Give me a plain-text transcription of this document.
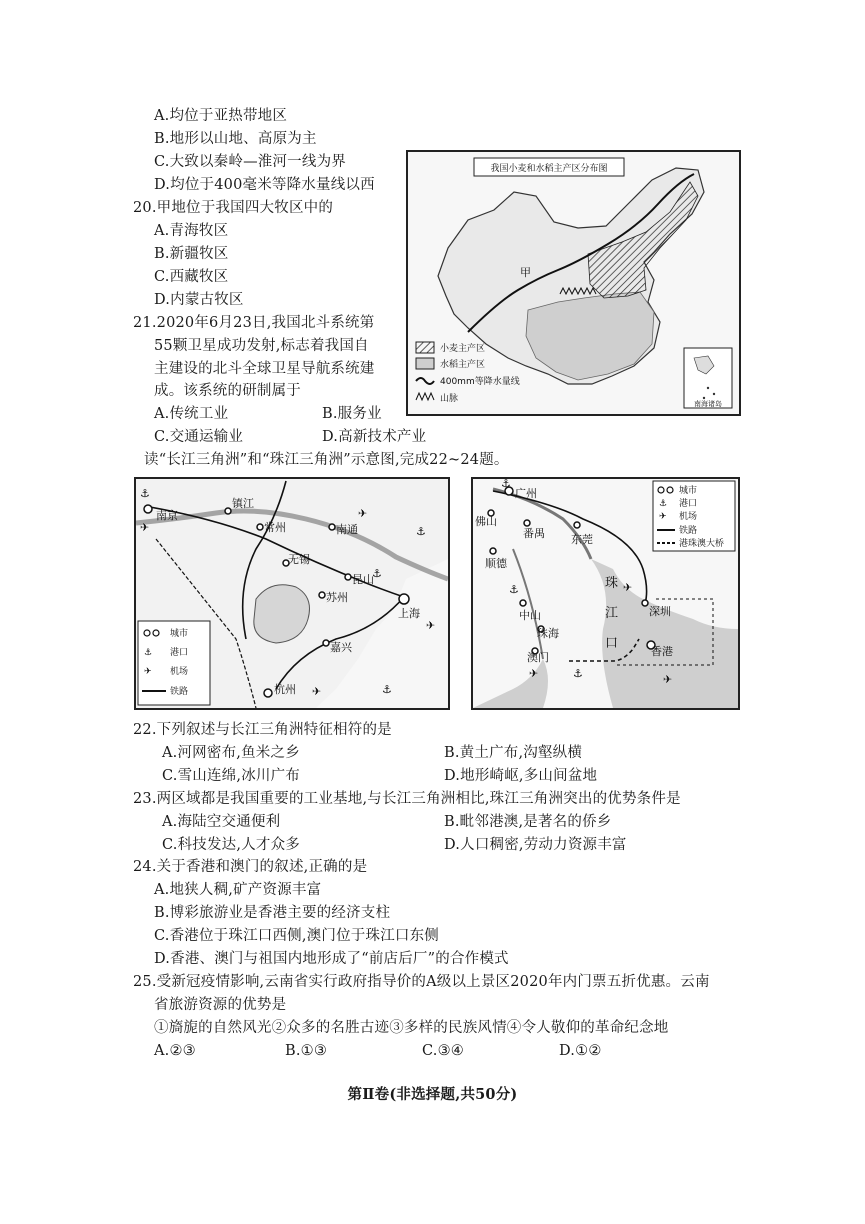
A.均位于亚热带地区
B.地形以山地、高原为主
C.大致以秦岭—淮河一线为界
D.均位于400毫米等降水量线以西
20.甲地位于我国四大牧区中的
A.青海牧区
B.新疆牧区
C.西藏牧区
D.内蒙古牧区
21.2020年6月23日,我国北斗系统第
55颗卫星成功发射,标志着我国自
主建设的北斗全球卫星导航系统建
成。该系统的研制属于
A.传统工业	B.服务业
C.交通运输业	D.高新技术产业
我国小麦和水稻主产区分布图
甲
小麦主产区
水稻主产区
400mm等降水量线
山脉	南海诸岛
读“长江三角洲”和“珠江三角洲”示意图,完成22~24题。
南京
镇江
常州	南通
无锡
昆山
苏州
上海
嘉兴
杭州
✈
✈
✈
✈
⚓
⚓
⚓
⚓
城市
⚓ 港口
✈ 机场
铁路
广州
佛山
番禺 东莞
顺德
中山
珠海
澳门
深圳
香港
珠
江
口
⚓
⚓
⚓
✈
✈
✈
城市
⚓ 港口
✈ 机场
铁路
港珠澳大桥
22.下列叙述与长江三角洲特征相符的是
A.河网密布,鱼米之乡	B.黄土广布,沟壑纵横
C.雪山连绵,冰川广布	D.地形崎岖,多山间盆地
23.两区域都是我国重要的工业基地,与长江三角洲相比,珠江三角洲突出的优势条件是
A.海陆空交通便利	B.毗邻港澳,是著名的侨乡
C.科技发达,人才众多	D.人口稠密,劳动力资源丰富
24.关于香港和澳门的叙述,正确的是
A.地狭人稠,矿产资源丰富
B.博彩旅游业是香港主要的经济支柱
C.香港位于珠江口西侧,澳门位于珠江口东侧
D.香港、澳门与祖国内地形成了“前店后厂”的合作模式
25.受新冠疫情影响,云南省实行政府指导价的A级以上景区2020年内门票五折优惠。云南
省旅游资源的优势是
①旖旎的自然风光②众多的名胜古迹③多样的民族风情④令人敬仰的革命纪念地
A.②③	B.①③	C.③④	D.①②
第Ⅱ卷(非选择题,共50分)
